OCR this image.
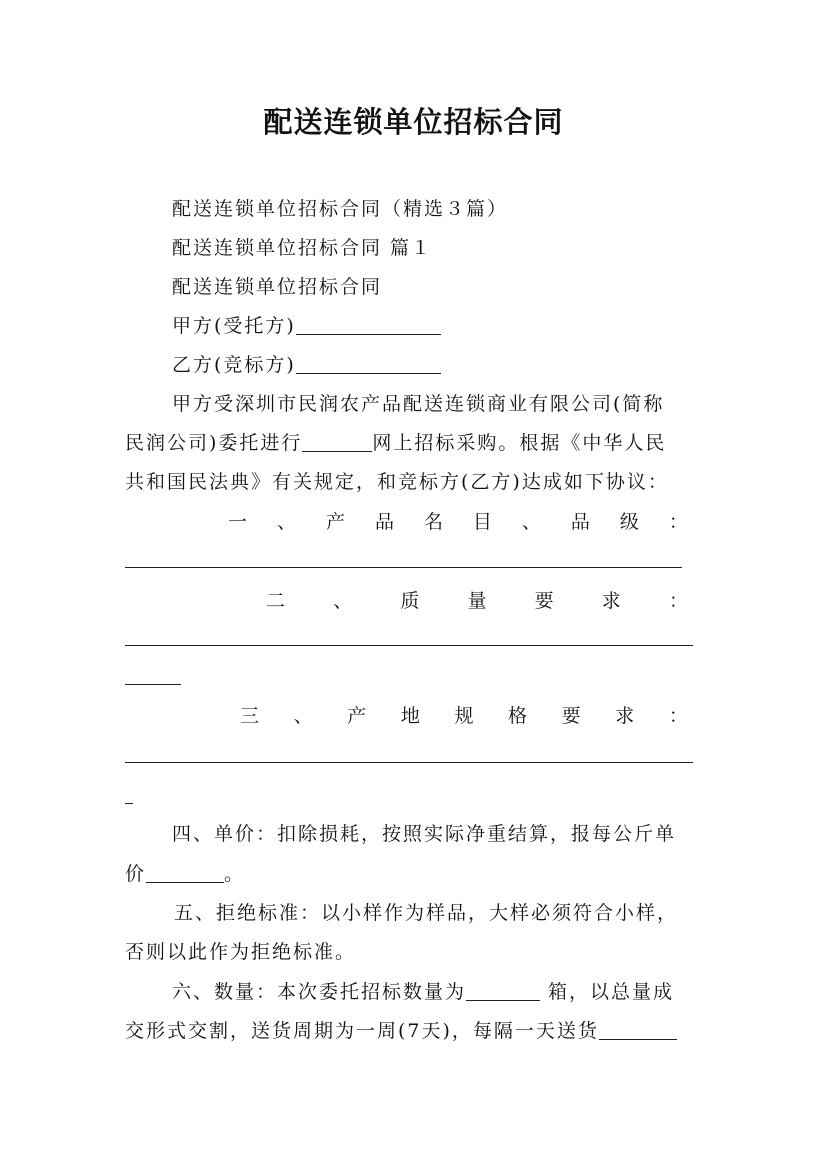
配送连锁单位招标合同
配送连锁单位招标合同（精选３篇）
配送连锁单位招标合同 篇１
配送连锁单位招标合同
甲方(受托方)
乙方(竞标方)
甲方受深圳市民润农产品配送连锁商业有限公司(简称
民润公司)委托进行	网上招标采购。根据《中华人民
共和国民法典》有关规定，和竞标方(乙方)达成如下协议：
一 、 产 品 名 目 、 品 级 ：
二	、	质	量	要	求	：
三 、 产 地 规 格 要 求 ：
四、单价：扣除损耗，按照实际净重结算，报每公斤单
价	。
五、拒绝标准：以小样作为样品，大样必须符合小样，
否则以此作为拒绝标准。
六、数量：本次委托招标数量为	箱，以总量成
交形式交割，送货周期为一周(7天)，每隔一天送货
